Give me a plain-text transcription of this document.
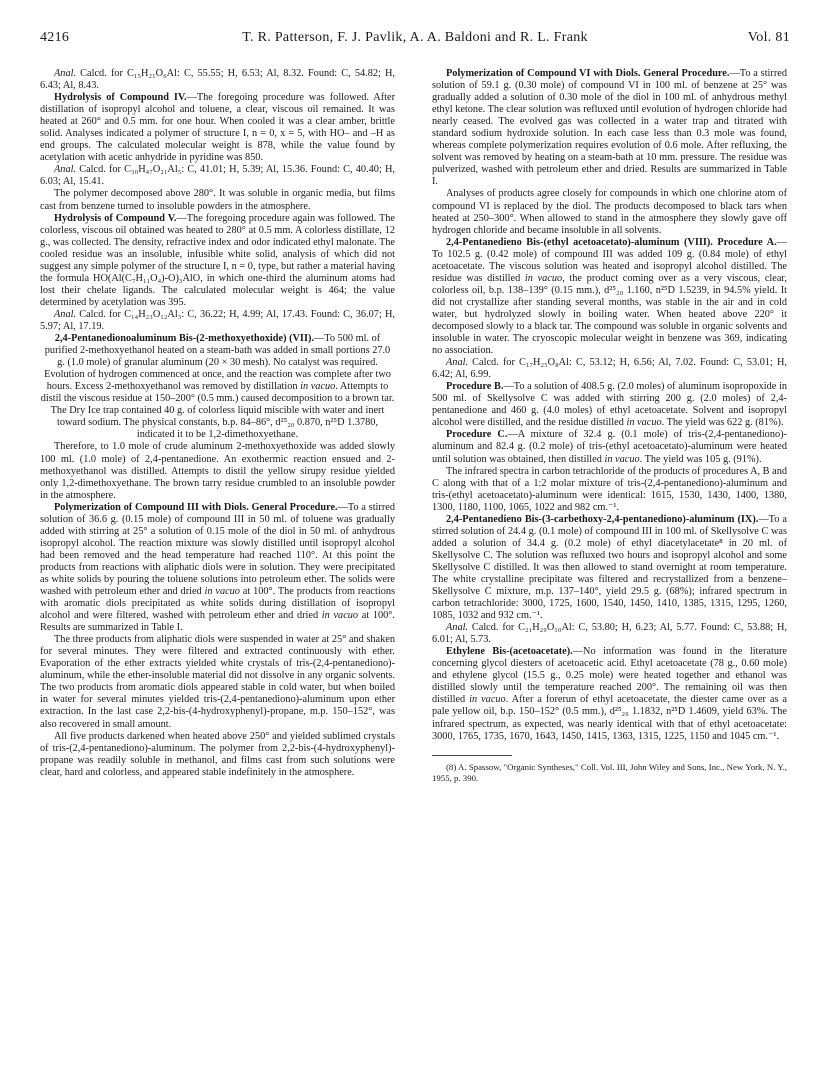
4216	T. R. Patterson, F. J. Pavlik, A. A. Baldoni and R. L. Frank	Vol. 81

Anal. Calcd. for C₁₅H₂₁O₆Al: C, 55.55; H, 6.53; Al, 8.32. Found: C, 54.82; H, 6.43; Al, 8.43.

Hydrolysis of Compound IV.—The foregoing procedure was followed. After distillation of isopropyl alcohol and toluene, a clear, viscous oil remained. It was heated at 260° and 0.5 mm. for one hour. When cooled it was a clear amber, brittle solid. Analyses indicated a polymer of structure I, n = 0, x = 5, with HO– and –H as end groups. The calculated molecular weight is 878, while the value found by acetylation with acetic anhydride in pyridine was 850.

Anal. Calcd. for C₃₀H₄₇O₂₁Al₅: C, 41.01; H, 5.39; Al, 15.36. Found: C, 40.40; H, 6.03; Al, 15.41.

The polymer decomposed above 280°. It was soluble in organic media, but films cast from benzene turned to insoluble powders in the atmosphere.

Hydrolysis of Compound V.—The foregoing procedure again was followed. The colorless, viscous oil obtained was heated to 280° at 0.5 mm. A colorless distillate, 12 g., was collected. The density, refractive index and odor indicated ethyl malonate. The cooled residue was an insoluble, infusible white solid, analysis of which did not suggest any simple polymer of the structure I, n = 0, type, but rather a material having the formula HO(Al(C₇H₁₁O₄)-O)₃AlO, in which one-third the aluminum atoms had lost their chelate ligands. The calculated molecular weight is 464; the value determined by acetylation was 395.

Anal. Calcd. for C₁₄H₂₃O₁₂Al₃: C, 36.22; H, 4.99; Al, 17.43. Found: C, 36.07; H, 5.97; Al, 17.19.

2,4-Pentanedionoaluminum Bis-(2-methoxyethoxide) (VII).—To 500 ml. of purified 2-methoxyethanol heated on a steam-bath was added in small portions 27.0 g. (1.0 mole) of granular aluminum (20 × 30 mesh). No catalyst was required. Evolution of hydrogen commenced at once, and the reaction was complete after two hours. Excess 2-methoxyethanol was removed by distillation in vacuo. Attempts to distil the viscous residue at 150–200° (0.5 mm.) caused decomposition to a brown tar. The Dry Ice trap contained 40 g. of colorless liquid miscible with water and inert toward sodium. The physical constants, b.p. 84–86°, d²⁵₂₀ 0.870, n²⁵D 1.3780, indicated it to be 1,2-dimethoxyethane.

Therefore, to 1.0 mole of crude aluminum 2-methoxyethoxide was added slowly 100 ml. (1.0 mole) of 2,4-pentanedione. An exothermic reaction ensued and 2-methoxyethanol was distilled. Attempts to distil the yellow sirupy residue yielded only 1,2-dimethoxyethane. The brown tarry residue crumbled to an insoluble powder in the atmosphere.

Polymerization of Compound III with Diols. General Procedure.—To a stirred solution of 36.6 g. (0.15 mole) of compound III in 50 ml. of toluene was gradually added with stirring at 25° a solution of 0.15 mole of the diol in 50 ml. of anhydrous isopropyl alcohol. The reaction mixture was slowly distilled until isopropyl alcohol had been removed and the head temperature had reached 110°. At this point the products from reactions with aliphatic diols were in solution. They were precipitated as white solids by pouring the toluene solutions into petroleum ether. The solids were washed with petroleum ether and dried in vacuo at 100°. The products from reactions with aromatic diols precipitated as white solids during distillation of isopropyl alcohol and were filtered, washed with petroleum ether and dried in vacuo at 100°. Results are summarized in Table I.

The three products from aliphatic diols were suspended in water at 25° and shaken for several minutes. They were filtered and extracted continuously with ether. Evaporation of the ether extracts yielded white crystals of tris-(2,4-pentanediono)-aluminum, while the ether-insoluble material did not dissolve in any organic solvents. The two products from aromatic diols appeared stable in cold water, but when boiled in water for several minutes yielded tris-(2,4-pentanediono)-aluminum upon ether extraction. In the last case 2,2-bis-(4-hydroxyphenyl)-propane, m.p. 150–152°, was also recovered in small amount.

All five products darkened when heated above 250° and yielded sublimed crystals of tris-(2,4-pentanediono)-aluminum. The polymer from 2,2-bis-(4-hydroxyphenyl)-propane was readily soluble in methanol, and films cast from such solutions were clear, hard and colorless, and appeared stable indefinitely in the atmosphere.

Polymerization of Compound VI with Diols. General Procedure.—To a stirred solution of 59.1 g. (0.30 mole) of compound VI in 100 ml. of benzene at 25° was gradually added a solution of 0.30 mole of the diol in 100 ml. of anhydrous methyl ethyl ketone. The clear solution was refluxed until evolution of hydrogen chloride had nearly ceased. The evolved gas was collected in a water trap and titrated with standard sodium hydroxide solution. In each case less than 0.3 mole was found, whereas complete polymerization requires evolution of 0.6 mole. After refluxing, the solvent was removed by heating on a steam-bath at 10 mm. pressure. The residue was pulverized, washed with petroleum ether and dried. Results are summarized in Table I.

Analyses of products agree closely for compounds in which one chlorine atom of compound VI is replaced by the diol. The products decomposed to black tars when heated at 250–300°. When allowed to stand in the atmosphere they slowly gave off hydrogen chloride and became insoluble in all solvents.

2,4-Pentanedieno Bis-(ethyl acetoacetato)-aluminum (VIII). Procedure A.—To 102.5 g. (0.42 mole) of compound III was added 109 g. (0.84 mole) of ethyl acetoacetate. The viscous solution was heated and isopropyl alcohol distilled. The residue was distilled in vacuo, the product coming over as a very viscous, clear, colorless oil, b.p. 138–139° (0.15 mm.), d²⁵₂₀ 1.160, n²⁵D 1.5239, in 94.5% yield. It did not crystallize after standing several months, was stable in the air and in cold water, but hydrolyzed slowly in boiling water. When heated above 220° it decomposed slowly to a black tar. The compound was soluble in organic solvents and insoluble in water. The cryoscopic molecular weight in benzene was 369, indicating no association.

Anal. Calcd. for C₁₇H₂₅O₈Al: C, 53.12; H, 6.56; Al, 7.02. Found: C, 53.01; H, 6.42; Al, 6.99.

Procedure B.—To a solution of 408.5 g. (2.0 moles) of aluminum isopropoxide in 500 ml. of Skellysolve C was added with stirring 200 g. (2.0 moles) of 2,4-pentanedione and 460 g. (4.0 moles) of ethyl acetoacetate. Solvent and isopropyl alcohol were distilled, and the residue distilled in vacuo. The yield was 622 g. (81%).

Procedure C.—A mixture of 32.4 g. (0.1 mole) of tris-(2,4-pentanediono)-aluminum and 82.4 g. (0.2 mole) of tris-(ethyl acetoacetato)-aluminum were heated until solution was obtained, then distilled in vacuo. The yield was 105 g. (91%).

The infrared spectra in carbon tetrachloride of the products of procedures A, B and C along with that of a 1:2 molar mixture of tris-(2,4-pentanediono)-aluminum and tris-(ethyl acetoacetato)-aluminum were identical: 1615, 1530, 1430, 1400, 1380, 1300, 1180, 1100, 1065, 1022 and 982 cm.⁻¹.

2,4-Pentanedieno Bis-(3-carbethoxy-2,4-pentanediono)-aluminum (IX).—To a stirred solution of 24.4 g. (0.1 mole) of compound III in 100 ml. of Skellysolve C was added a solution of 34.4 g. (0.2 mole) of ethyl diacetylacetate⁸ in 20 ml. of Skellysolve C. The solution was refluxed two hours and isopropyl alcohol and some Skellysolve C distilled. It was then allowed to stand overnight at room temperature. The white crystalline precipitate was filtered and recrystallized from a benzene–Skellysolve C mixture, m.p. 137–140°, yield 29.5 g. (68%); infrared spectrum in carbon tetrachloride: 3000, 1725, 1600, 1540, 1450, 1410, 1385, 1315, 1295, 1260, 1085, 1032 and 932 cm.⁻¹.

Anal. Calcd. for C₂₁H₂₉O₁₀Al: C, 53.80; H, 6.23; Al, 5.77. Found: C, 53.88; H, 6.01; Al, 5.73.

Ethylene Bis-(acetoacetate).—No information was found in the literature concerning glycol diesters of acetoacetic acid. Ethyl acetoacetate (78 g., 0.60 mole) and ethylene glycol (15.5 g., 0.25 mole) were heated together and ethanol was distilled slowly until the temperature reached 200°. The remaining oil was then distilled in vacuo. After a forerun of ethyl acetoacetate, the diester came over as a pale yellow oil, b.p. 150–152° (0.5 mm.), d²⁵₂₀ 1.1832, n²⁵D 1.4609, yield 63%. The infrared spectrum, as expected, was nearly identical with that of ethyl acetoacetate: 3000, 1765, 1735, 1670, 1643, 1450, 1415, 1363, 1315, 1225, 1150 and 1045 cm.⁻¹.

(8) A. Spassow, "Organic Syntheses," Coll. Vol. III, John Wiley and Sons, Inc., New York, N. Y., 1955, p. 390.
